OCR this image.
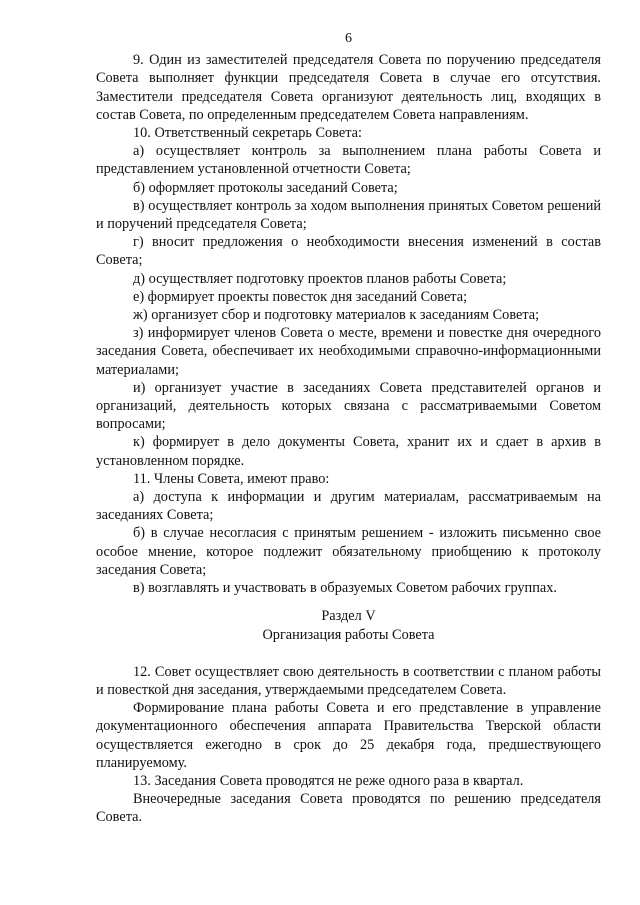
6

9. Один из заместителей председателя Совета по поручению председателя Совета выполняет функции председателя Совета в случае его отсутствия. Заместители председателя Совета организуют деятельность лиц, входящих в состав Совета, по определенным председателем Совета направлениям.

10. Ответственный секретарь Совета:

а) осуществляет контроль за выполнением плана работы Совета и представлением установленной отчетности Совета;

б) оформляет протоколы заседаний Совета;

в) осуществляет контроль за ходом выполнения принятых Советом решений и поручений председателя Совета;

г) вносит предложения о необходимости внесения изменений в состав Совета;

д) осуществляет подготовку проектов планов работы Совета;

е) формирует проекты повесток дня заседаний Совета;

ж) организует сбор и подготовку материалов к заседаниям Совета;

з) информирует членов Совета о месте, времени и повестке дня очередного заседания Совета, обеспечивает их необходимыми справочно-информационными материалами;

и) организует участие в заседаниях Совета представителей органов и организаций, деятельность которых связана с рассматриваемыми Советом вопросами;

к) формирует в дело документы Совета, хранит их и сдает в архив в установленном порядке.

11. Члены Совета, имеют право:

а) доступа к информации и другим материалам, рассматриваемым на заседаниях Совета;

б) в случае несогласия с принятым решением - изложить письменно свое особое мнение, которое подлежит обязательному приобщению к протоколу заседания Совета;

в) возглавлять и участвовать в образуемых Советом рабочих группах.

Раздел V

Организация работы Совета

12. Совет осуществляет свою деятельность в соответствии с планом работы и повесткой дня заседания, утверждаемыми председателем Совета.

Формирование плана работы Совета и его представление в управление документационного обеспечения аппарата Правительства Тверской области осуществляется ежегодно в срок до 25 декабря года, предшествующего планируемому.

13. Заседания Совета проводятся не реже одного раза в квартал.

Внеочередные заседания Совета проводятся по решению председателя Совета.
